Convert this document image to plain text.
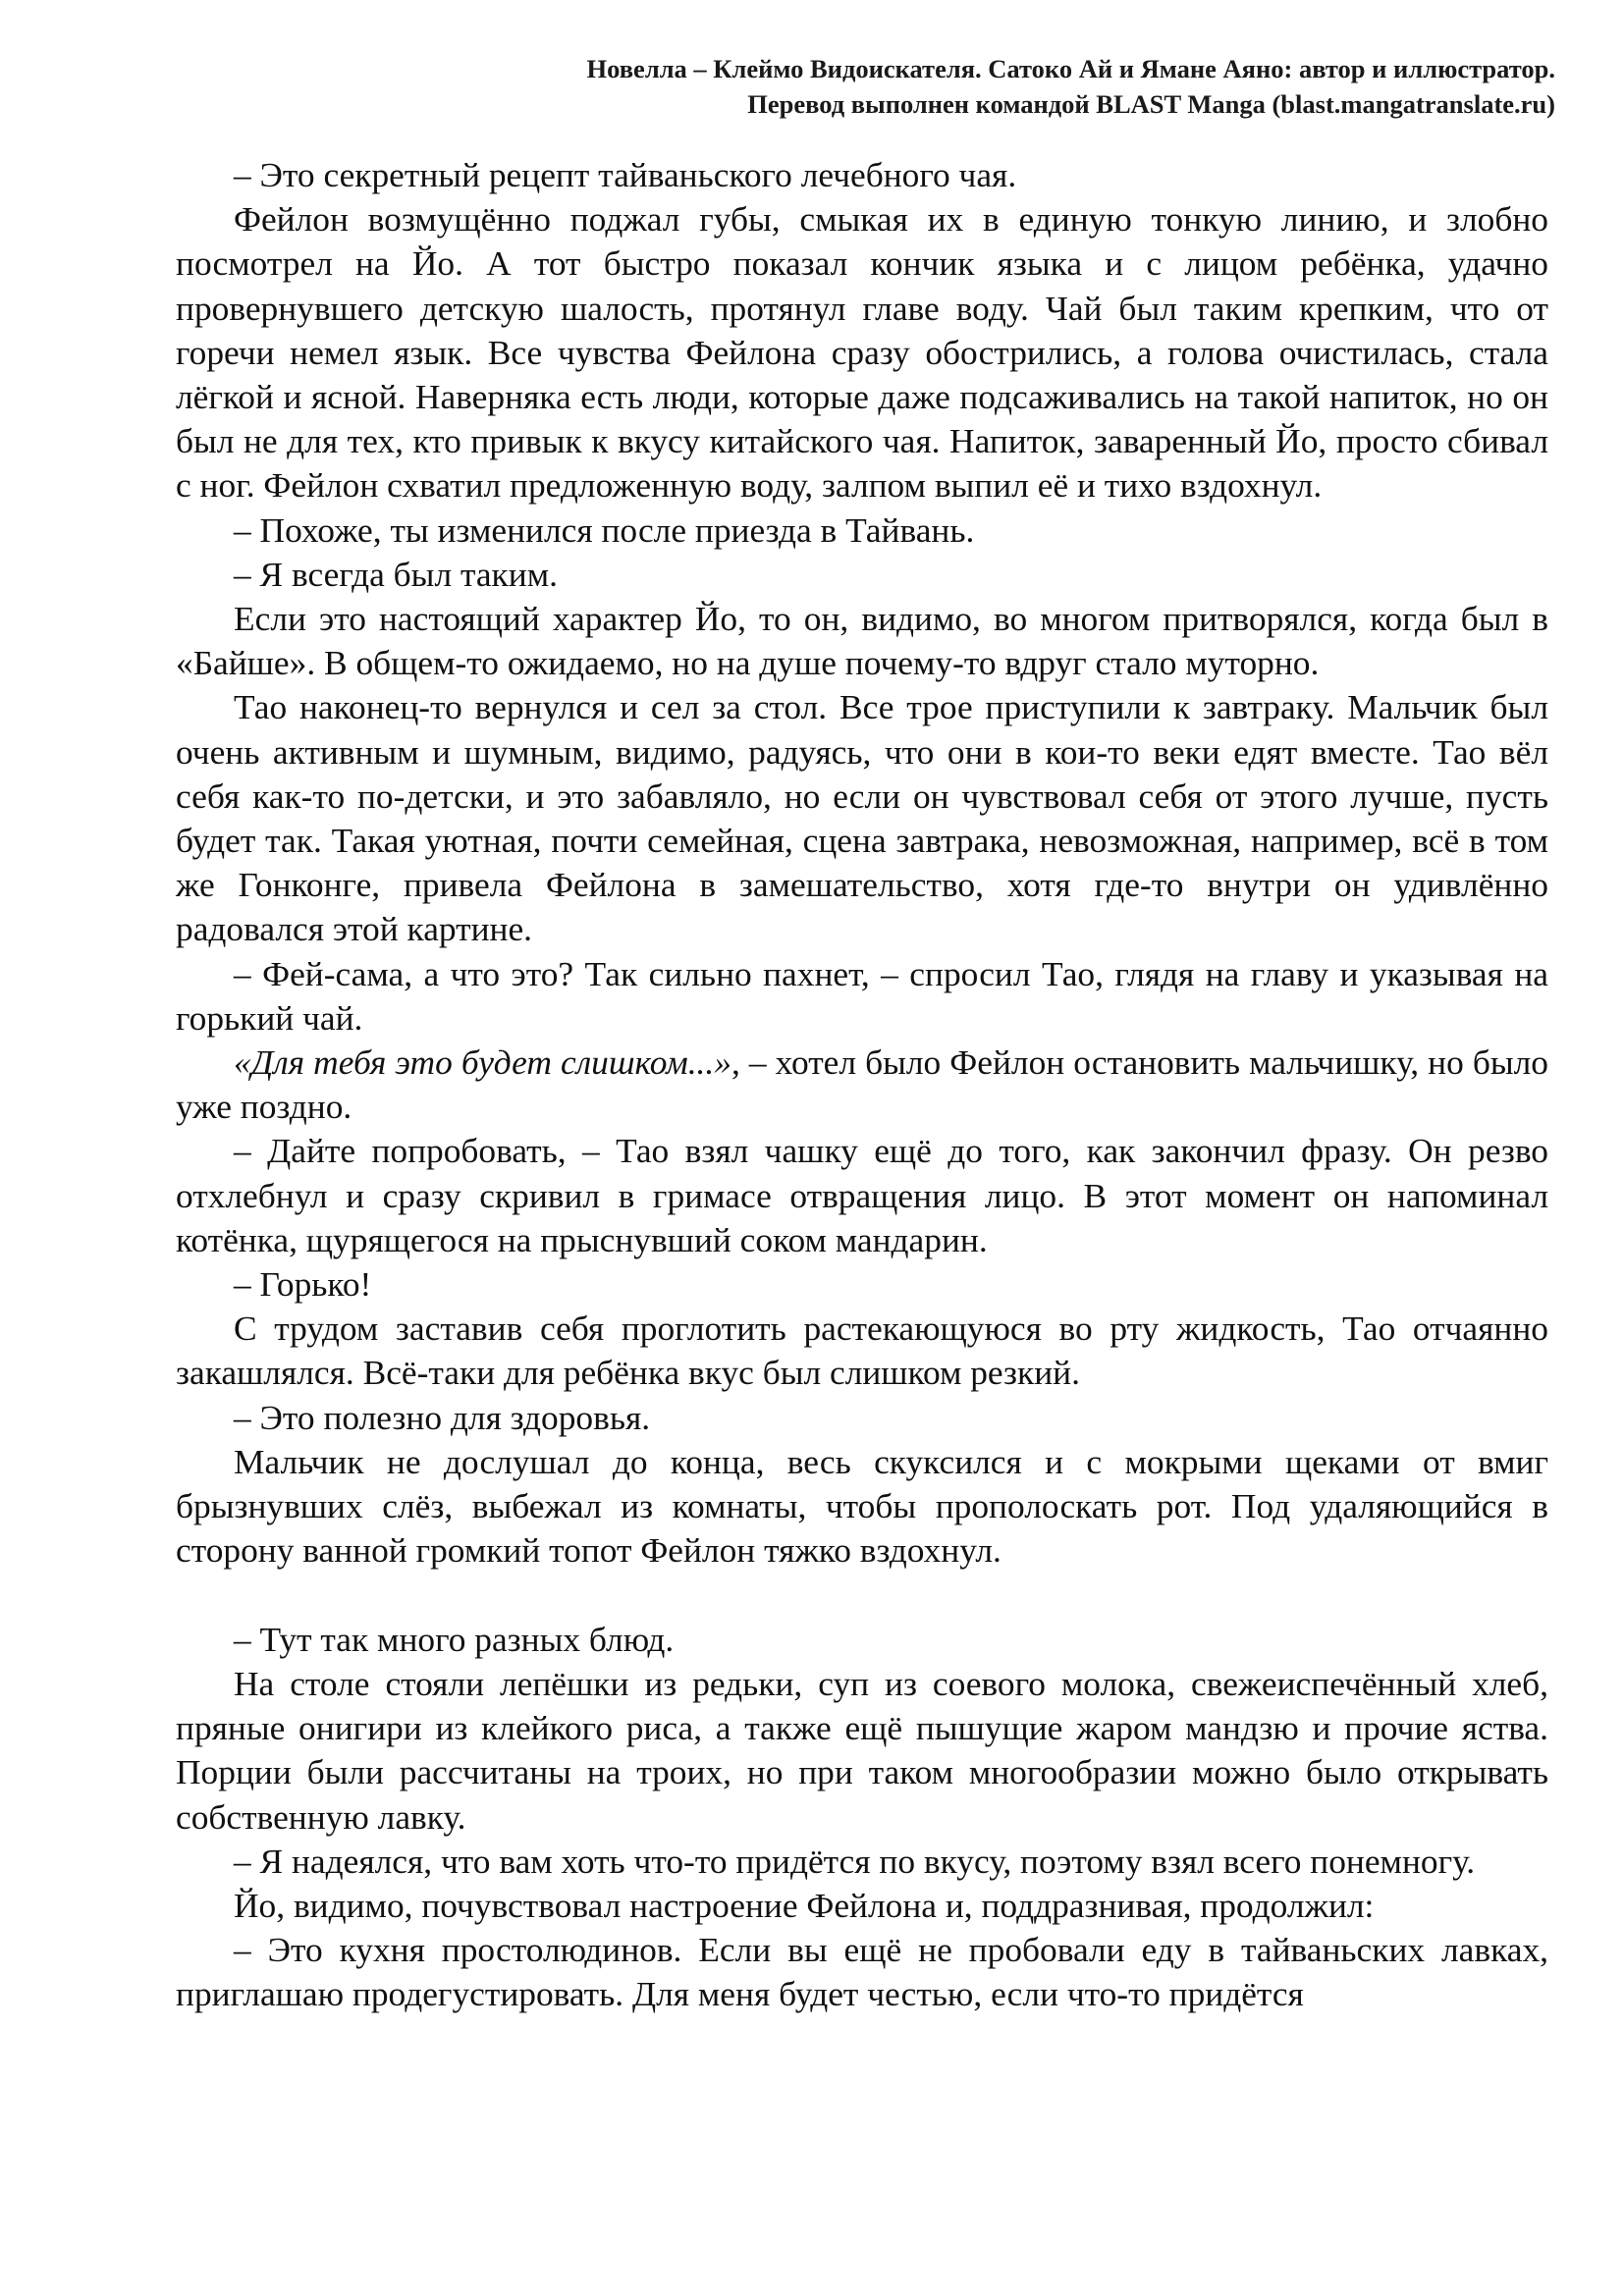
Новелла – Клеймо Видоискателя. Сатоко Ай и Ямане Аяно: автор и иллюстратор.
Перевод выполнен командой BLAST Manga (blast.mangatranslate.ru)

– Это секретный рецепт тайваньского лечебного чая.

Фейлон возмущённо поджал губы, смыкая их в единую тонкую линию, и злобно посмотрел на Йо. А тот быстро показал кончик языка и с лицом ребёнка, удачно провернувшего детскую шалость, протянул главе воду. Чай был таким крепким, что от горечи немел язык. Все чувства Фейлона сразу обострились, а голова очистилась, стала лёгкой и ясной. Наверняка есть люди, которые даже подсаживались на такой напиток, но он был не для тех, кто привык к вкусу китайского чая. Напиток, заваренный Йо, просто сбивал с ног. Фейлон схватил предложенную воду, залпом выпил её и тихо вздохнул.

– Похоже, ты изменился после приезда в Тайвань.

– Я всегда был таким.

Если это настоящий характер Йо, то он, видимо, во многом притворялся, когда был в «Байше». В общем-то ожидаемо, но на душе почему-то вдруг стало муторно.

Тао наконец-то вернулся и сел за стол. Все трое приступили к завтраку. Мальчик был очень активным и шумным, видимо, радуясь, что они в кои-то веки едят вместе. Тао вёл себя как-то по-детски, и это забавляло, но если он чувствовал себя от этого лучше, пусть будет так. Такая уютная, почти семейная, сцена завтрака, невозможная, например, всё в том же Гонконге, привела Фейлона в замешательство, хотя где-то внутри он удивлённо радовался этой картине.

– Фей-сама, а что это? Так сильно пахнет, – спросил Тао, глядя на главу и указывая на горький чай.

«Для тебя это будет слишком...», – хотел было Фейлон остановить мальчишку, но было уже поздно.

– Дайте попробовать, – Тао взял чашку ещё до того, как закончил фразу. Он резво отхлебнул и сразу скривил в гримасе отвращения лицо. В этот момент он напоминал котёнка, щурящегося на прыснувший соком мандарин.

– Горько!

С трудом заставив себя проглотить растекающуюся во рту жидкость, Тао отчаянно закашлялся. Всё-таки для ребёнка вкус был слишком резкий.

– Это полезно для здоровья.

Мальчик не дослушал до конца, весь скуксился и с мокрыми щеками от вмиг брызнувших слёз, выбежал из комнаты, чтобы прополоскать рот. Под удаляющийся в сторону ванной громкий топот Фейлон тяжко вздохнул.

– Тут так много разных блюд.

На столе стояли лепёшки из редьки, суп из соевого молока, свежеиспечённый хлеб, пряные онигири из клейкого риса, а также ещё пышущие жаром мандзю и прочие яства. Порции были рассчитаны на троих, но при таком многообразии можно было открывать собственную лавку.

– Я надеялся, что вам хоть что-то придётся по вкусу, поэтому взял всего понемногу.

Йо, видимо, почувствовал настроение Фейлона и, поддразнивая, продолжил:

– Это кухня простолюдинов. Если вы ещё не пробовали еду в тайваньских лавках, приглашаю продегустировать. Для меня будет честью, если что-то придётся
